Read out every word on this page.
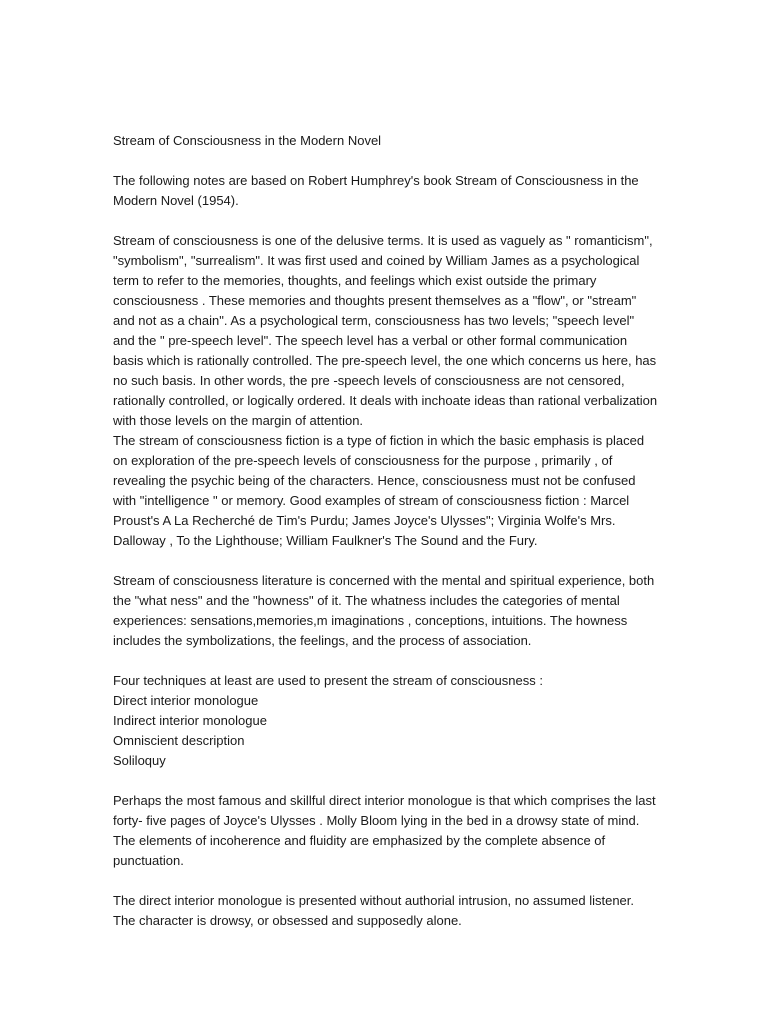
Stream of Consciousness in the Modern Novel

The following notes are based on Robert Humphrey's book Stream of Consciousness in the Modern Novel (1954).

Stream of consciousness is one of the delusive terms. It is used as vaguely as " romanticism", "symbolism", "surrealism". It was first used and coined by William James as a psychological term to refer to the memories, thoughts, and feelings which exist outside the primary consciousness . These memories and thoughts present themselves as a "flow", or "stream" and not as a chain". As a psychological term, consciousness has two levels; "speech level" and the " pre-speech level". The speech level has a verbal or other formal communication basis which is rationally controlled. The pre-speech level, the one which concerns us here, has no such basis. In other words, the pre -speech levels of consciousness are not censored, rationally controlled, or logically ordered. It deals with inchoate ideas than rational verbalization with those levels on the margin of attention.

The stream of consciousness fiction is a type of fiction in which the basic emphasis is placed on exploration of the pre-speech levels of consciousness for the purpose , primarily , of revealing the psychic being of the characters. Hence, consciousness must not be confused with "intelligence " or memory. Good examples of stream of consciousness fiction : Marcel Proust's A La Recherché de Tim's Purdu; James Joyce's Ulysses"; Virginia Wolfe's Mrs. Dalloway , To the Lighthouse; William Faulkner's The Sound and the Fury.

Stream of consciousness literature is concerned with the mental and spiritual experience, both the "what ness" and the "howness" of it. The whatness includes the categories of mental experiences: sensations,memories,m imaginations , conceptions, intuitions. The howness includes the symbolizations, the feelings, and the process of association.

Four techniques at least are used to present the stream of consciousness :

Direct interior monologue

Indirect interior monologue

Omniscient description

Soliloquy

Perhaps the most famous and skillful direct interior monologue is that which comprises the last forty- five pages of Joyce's Ulysses . Molly Bloom lying in the bed in a drowsy state of mind. The elements of incoherence and fluidity are emphasized by the complete absence of punctuation.

The direct interior monologue is presented without authorial intrusion, no assumed listener. The character is drowsy, or obsessed and supposedly alone.
